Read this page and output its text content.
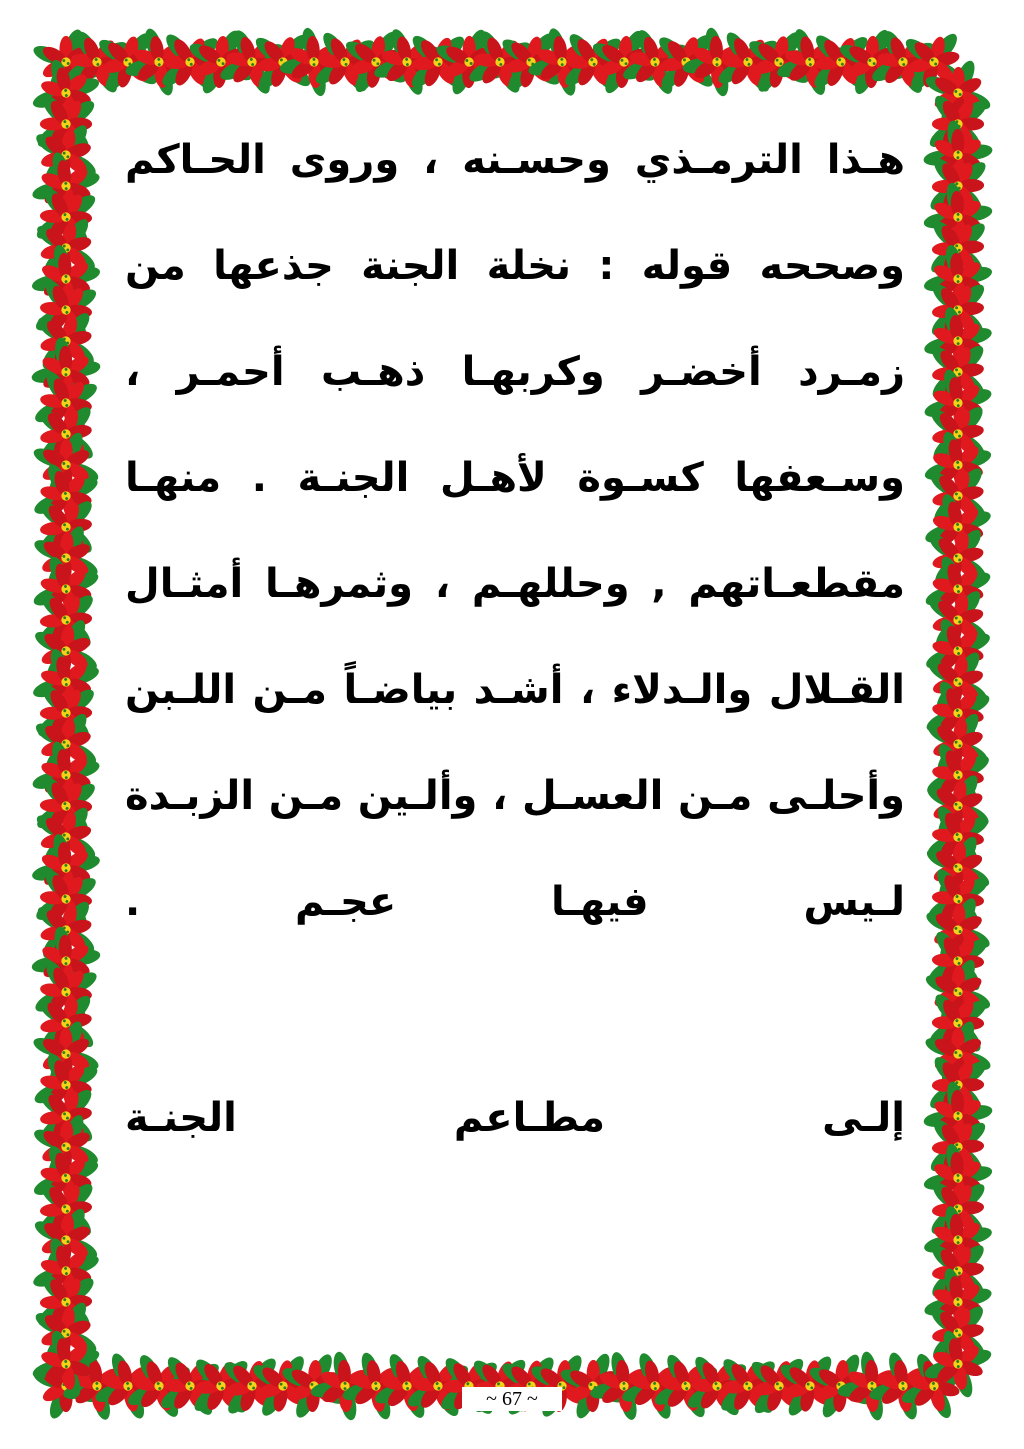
هـذا الترمـذي وحسـنه ، وروى الحـاكم
وصححه قوله : نخلة الجنة جذعها من
زمـرد أخضـر وكربهـا ذهـب أحمـر ،
وسـعفها كسـوة لأهـل الجنـة . منهـا
مقطعـاتهم , وحللهـم ، وثمرهـا أمثـال
القـلال والـدلاء ، أشـد بياضـاً مـن اللـبن
وأحلـى مـن العسـل ، وألـين مـن الزبـدة
لـيس فيهـا عجـم .
إلـى مطـاعم الجنـة
~ 67 ~
